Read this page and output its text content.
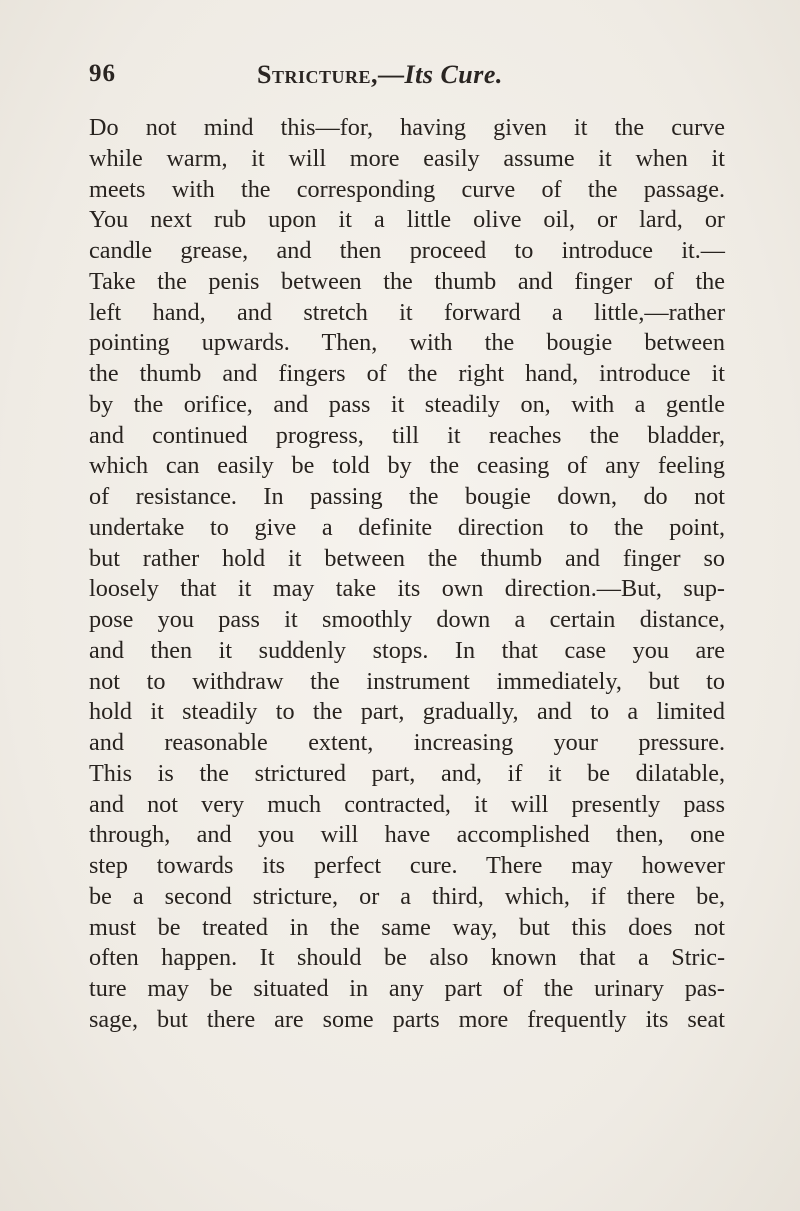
96	Stricture,—Its Cure.
Do not mind this—for, having given it the curve
while warm, it will more easily assume it when it
meets with the corresponding curve of the passage.
You next rub upon it a little olive oil, or lard, or
candle grease, and then proceed to introduce it.—
Take the penis between the thumb and finger of the
left hand, and stretch it forward a little,—rather
pointing upwards. Then, with the bougie between
the thumb and fingers of the right hand, introduce it
by the orifice, and pass it steadily on, with a gentle
and continued progress, till it reaches the bladder,
which can easily be told by the ceasing of any feeling
of resistance. In passing the bougie down, do not
undertake to give a definite direction to the point,
but rather hold it between the thumb and finger so
loosely that it may take its own direction.—But, sup-
pose you pass it smoothly down a certain distance,
and then it suddenly stops. In that case you are
not to withdraw the instrument immediately, but to
hold it steadily to the part, gradually, and to a limited
and reasonable extent, increasing your pressure.
This is the strictured part, and, if it be dilatable,
and not very much contracted, it will presently pass
through, and you will have accomplished then, one
step towards its perfect cure. There may however
be a second stricture, or a third, which, if there be,
must be treated in the same way, but this does not
often happen. It should be also known that a Stric-
ture may be situated in any part of the urinary pas-
sage, but there are some parts more frequently its seat
